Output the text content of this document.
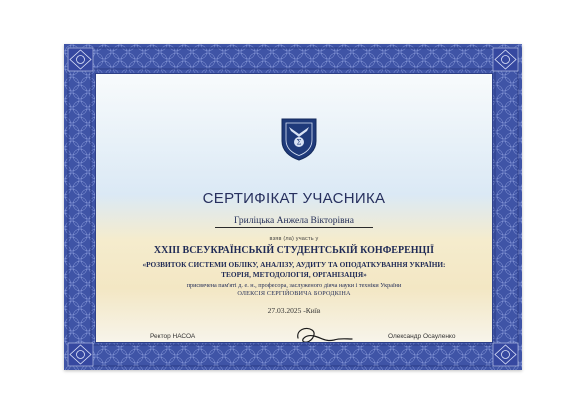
Σ
СЕРТИФІКАТ УЧАСНИКА
Гриліцька Анжела Вікторівна
взяв (ла) участь у
XXIII ВСЕУКРАЇНСЬКІЙ СТУДЕНТСЬКІЙ КОНФЕРЕНЦІЇ
«РОЗВИТОК СИСТЕМИ ОБЛІКУ, АНАЛІЗУ, АУДИТУ ТА ОПОДАТКУВАННЯ УКРАЇНИ:
ТЕОРІЯ, МЕТОДОЛОГІЯ, ОРГАНІЗАЦІЯ»
присвячена пам'яті д. е. н., професора, заслуженого діяча науки і техніки України
ОЛЕКСІЯ СЕРГІЙОВИЧА БОРОДКІНА
27.03.2025 -Київ
Ректор НАСОА	Олександр Осауленко
